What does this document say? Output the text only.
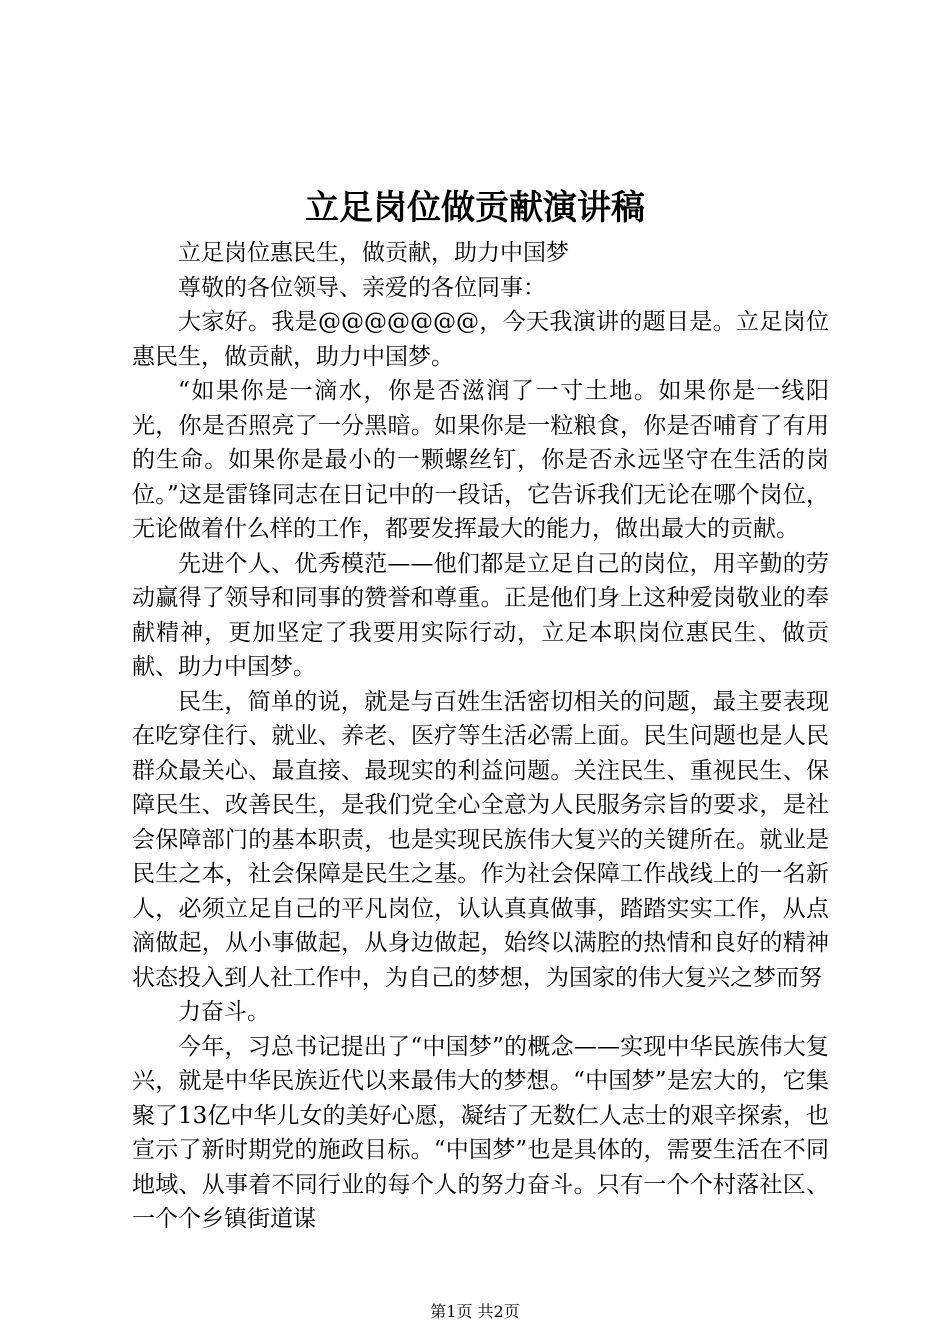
立足岗位做贡献演讲稿

立足岗位惠民生，做贡献，助力中国梦

尊敬的各位领导、亲爱的各位同事：

大家好。我是@@@@@@@，今天我演讲的题目是。立足岗位惠民生，做贡献，助力中国梦。

“如果你是一滴水，你是否滋润了一寸土地。如果你是一线阳光，你是否照亮了一分黑暗。如果你是一粒粮食，你是否哺育了有用的生命。如果你是最小的一颗螺丝钉，你是否永远坚守在生活的岗位。”这是雷锋同志在日记中的一段话，它告诉我们无论在哪个岗位，无论做着什么样的工作，都要发挥最大的能力，做出最大的贡献。

先进个人、优秀模范——他们都是立足自己的岗位，用辛勤的劳动赢得了领导和同事的赞誉和尊重。正是他们身上这种爱岗敬业的奉献精神，更加坚定了我要用实际行动，立足本职岗位惠民生、做贡献、助力中国梦。

民生，简单的说，就是与百姓生活密切相关的问题，最主要表现在吃穿住行、就业、养老、医疗等生活必需上面。民生问题也是人民群众最关心、最直接、最现实的利益问题。关注民生、重视民生、保障民生、改善民生，是我们党全心全意为人民服务宗旨的要求，是社会保障部门的基本职责，也是实现民族伟大复兴的关键所在。就业是民生之本，社会保障是民生之基。作为社会保障工作战线上的一名新人，必须立足自己的平凡岗位，认认真真做事，踏踏实实工作，从点滴做起，从小事做起，从身边做起，始终以满腔的热情和良好的精神状态投入到人社工作中，为自己的梦想，为国家的伟大复兴之梦而努

力奋斗。

今年，习总书记提出了“中国梦”的概念——实现中华民族伟大复兴，就是中华民族近代以来最伟大的梦想。“中国梦”是宏大的，它集聚了13亿中华儿女的美好心愿，凝结了无数仁人志士的艰辛探索，也宣示了新时期党的施政目标。“中国梦”也是具体的，需要生活在不同地域、从事着不同行业的每个人的努力奋斗。只有一个个村落社区、一个个乡镇街道谋

第1页 共2页
